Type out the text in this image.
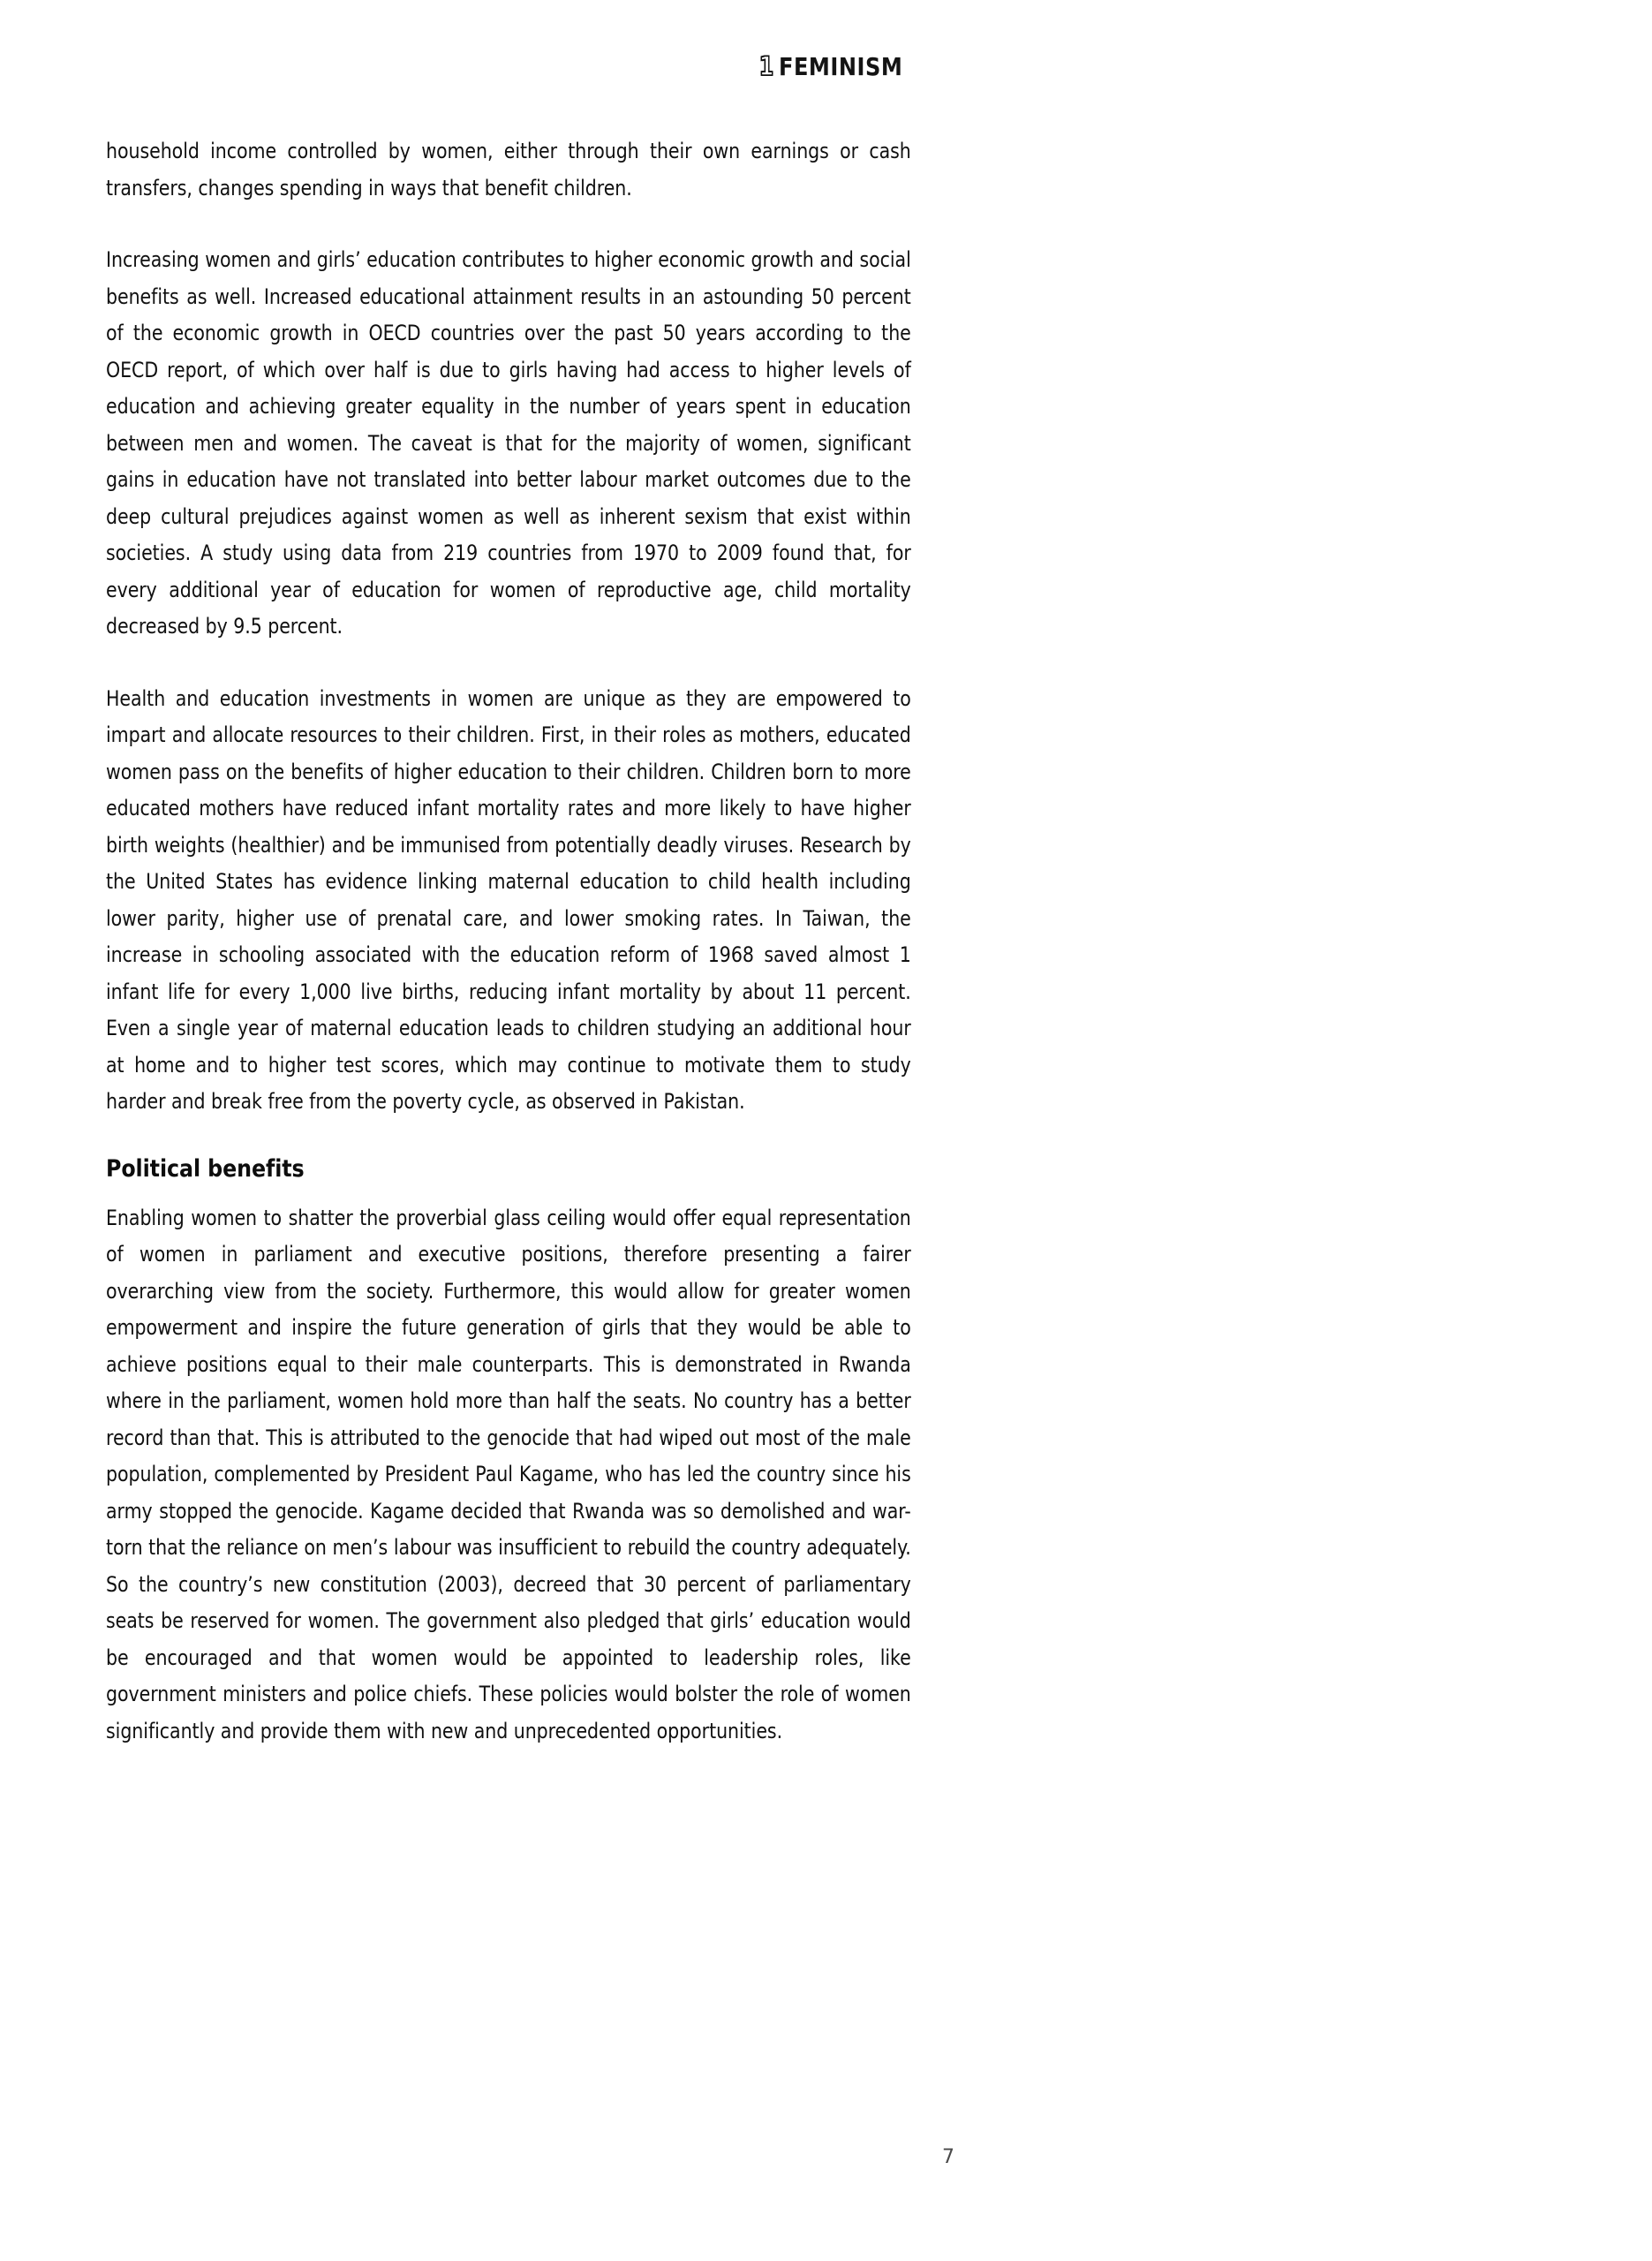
1 FEMINISM

household income controlled by women, either through their own earnings or cash transfers, changes spending in ways that benefit children.

Increasing women and girls’ education contributes to higher economic growth and social benefits as well. Increased educational attainment results in an astounding 50 percent of the economic growth in OECD countries over the past 50 years according to the OECD report, of which over half is due to girls having had access to higher levels of education and achieving greater equality in the number of years spent in education between men and women. The caveat is that for the majority of women, significant gains in education have not translated into better labour market outcomes due to the deep cultural prejudices against women as well as inherent sexism that exist within societies. A study using data from 219 countries from 1970 to 2009 found that, for every additional year of education for women of reproductive age, child mortality decreased by 9.5 percent.

Health and education investments in women are unique as they are empowered to impart and allocate resources to their children. First, in their roles as mothers, educated women pass on the benefits of higher education to their children. Children born to more educated mothers have reduced infant mortality rates and more likely to have higher birth weights (healthier) and be immunised from potentially deadly viruses. Research by the United States has evidence linking maternal education to child health including lower parity, higher use of prenatal care, and lower smoking rates. In Taiwan, the increase in schooling associated with the education reform of 1968 saved almost 1 infant life for every 1,000 live births, reducing infant mortality by about 11 percent. Even a single year of maternal education leads to children studying an additional hour at home and to higher test scores, which may continue to motivate them to study harder and break free from the poverty cycle, as observed in Pakistan.

Political benefits

Enabling women to shatter the proverbial glass ceiling would offer equal representation of women in parliament and executive positions, therefore presenting a fairer overarching view from the society. Furthermore, this would allow for greater women empowerment and inspire the future generation of girls that they would be able to achieve positions equal to their male counterparts. This is demonstrated in Rwanda where in the parliament, women hold more than half the seats. No country has a better record than that. This is attributed to the genocide that had wiped out most of the male population, complemented by President Paul Kagame, who has led the country since his army stopped the genocide. Kagame decided that Rwanda was so demolished and war-torn that the reliance on men’s labour was insufficient to rebuild the country adequately. So the country’s new constitution (2003), decreed that 30 percent of parliamentary seats be reserved for women. The government also pledged that girls’ education would be encouraged and that women would be appointed to leadership roles, like government ministers and police chiefs. These policies would bolster the role of women significantly and provide them with new and unprecedented opportunities.

7
